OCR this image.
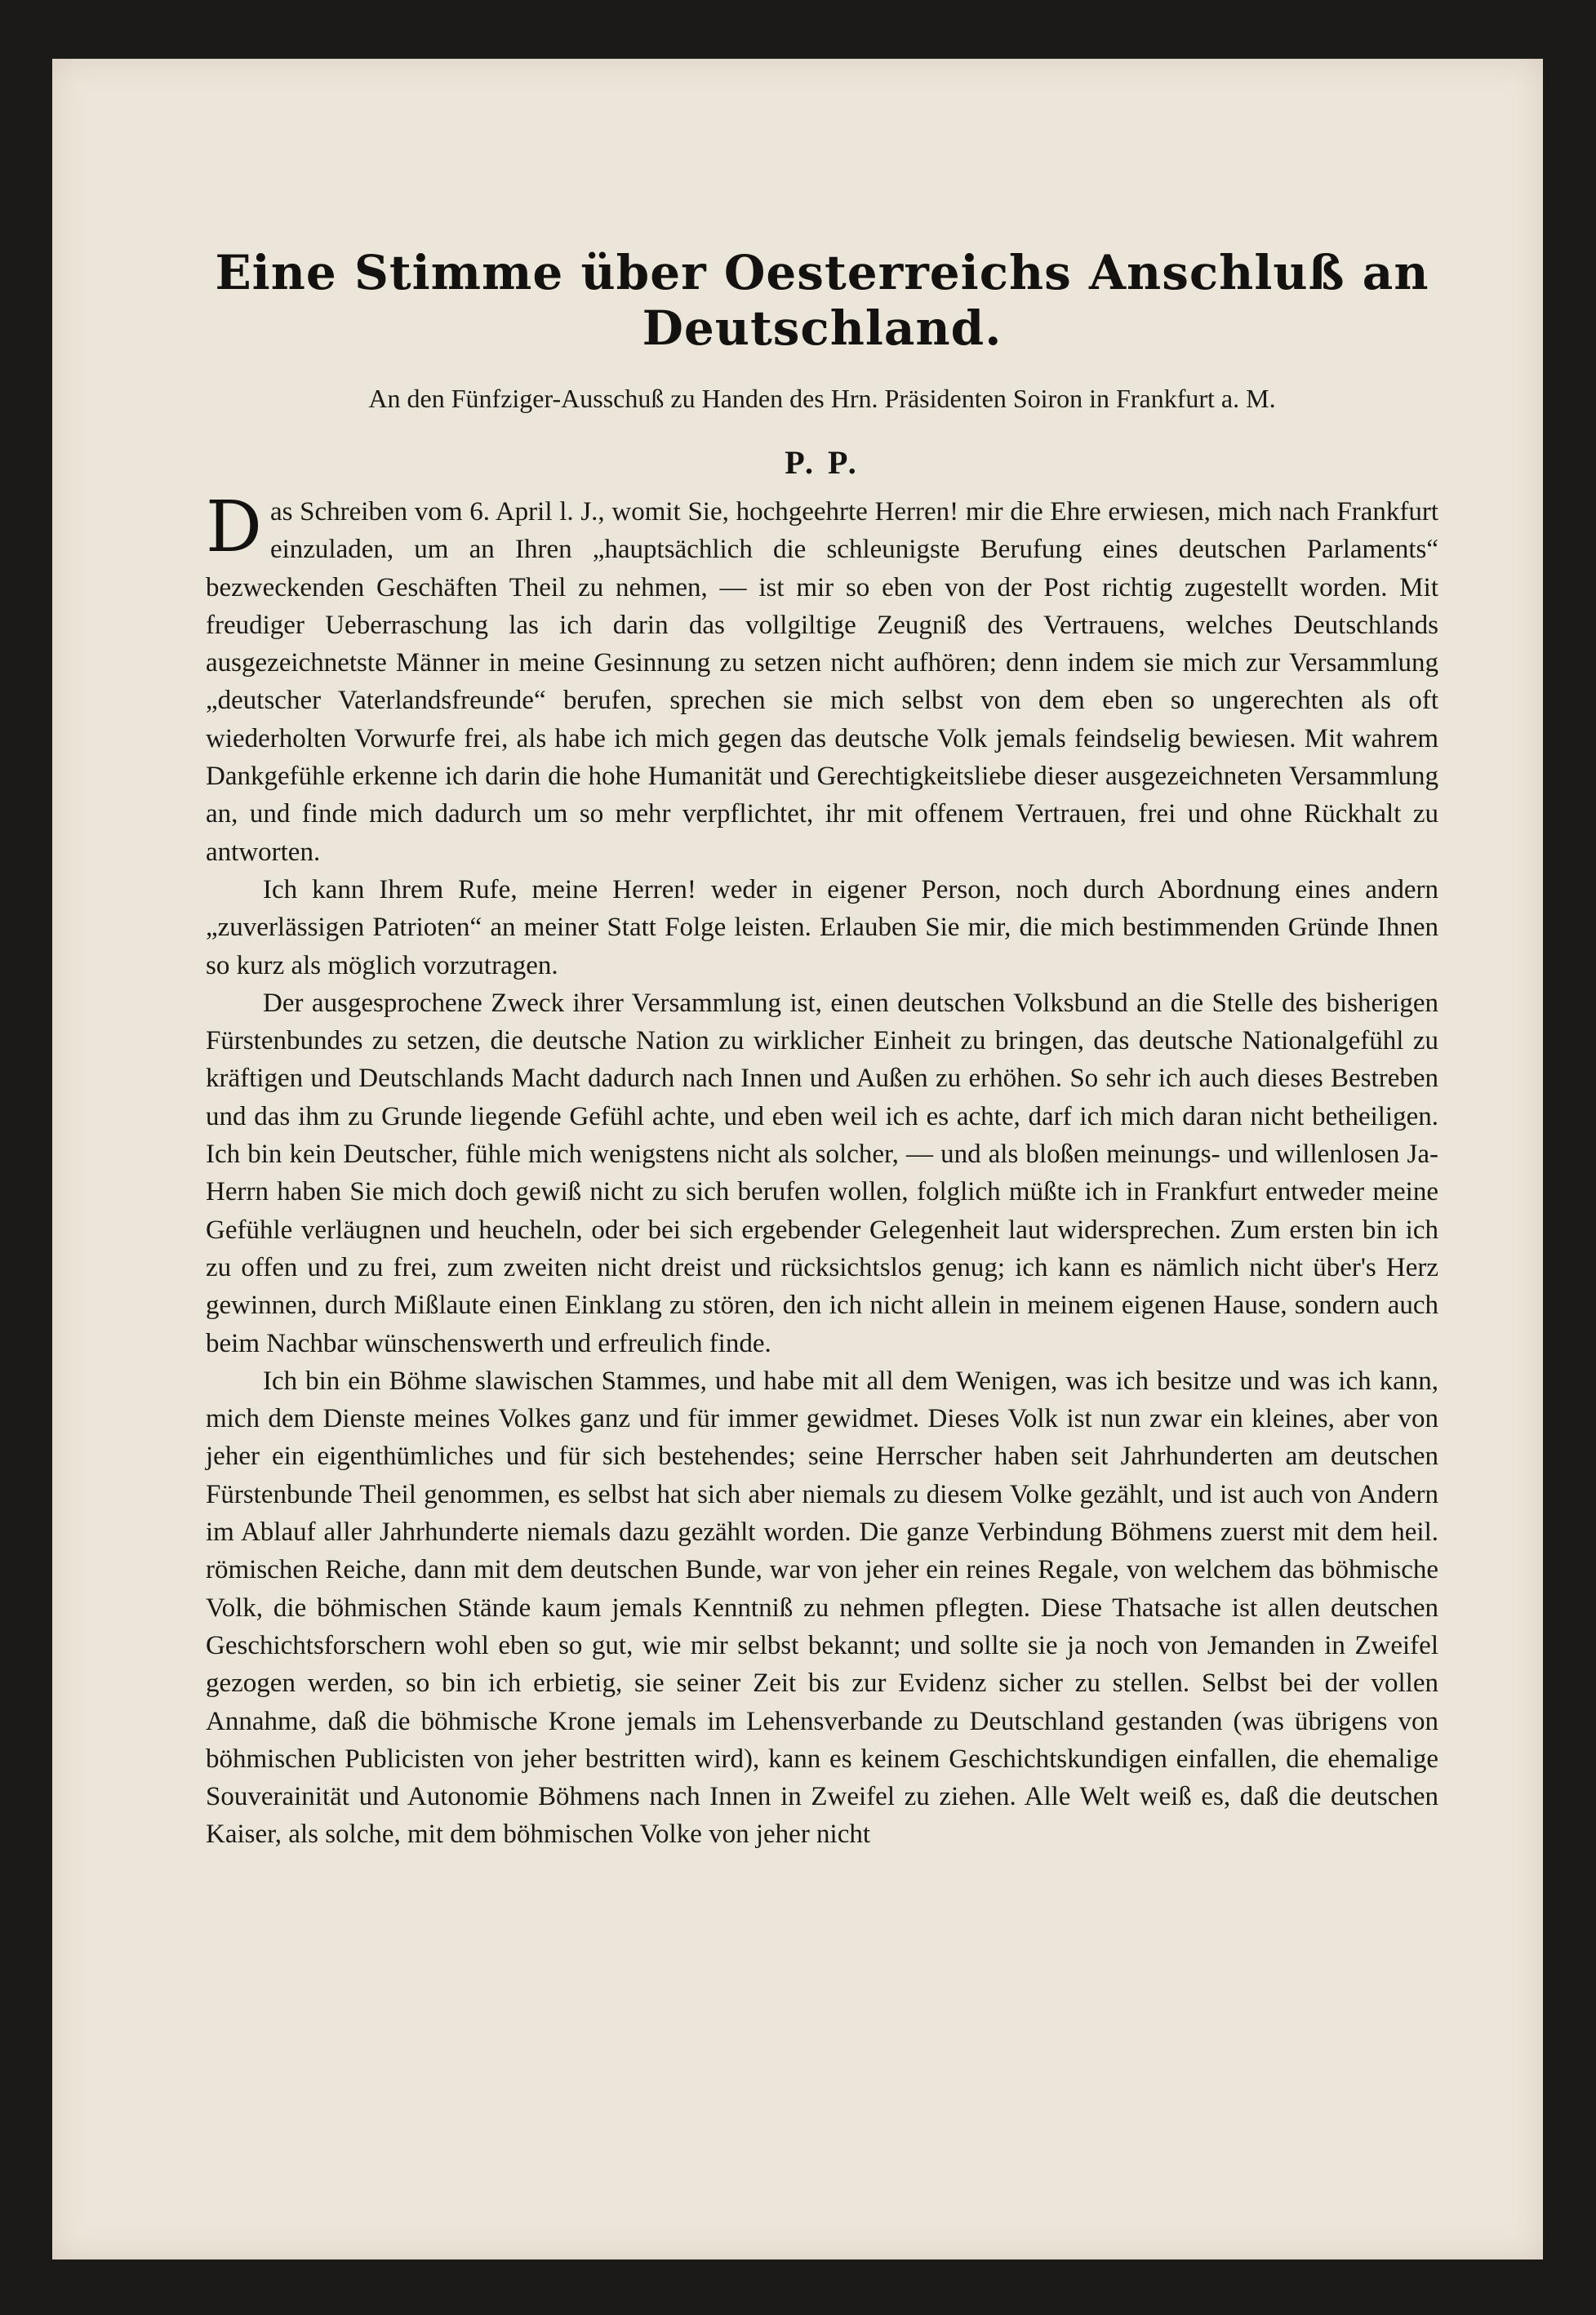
Eine Stimme über Oesterreichs Anschluß an Deutschland.
An den Fünfziger-Ausschuß zu Handen des Hrn. Präsidenten Soiron in Frankfurt a. M.
P. P.

Das Schreiben vom 6. April l. J., womit Sie, hochgeehrte Herren! mir die Ehre erwiesen, mich nach Frankfurt einzuladen, um an Ihren „hauptsächlich die schleunigste Berufung eines deutschen Parlaments“ bezweckenden Geschäften Theil zu nehmen, — ist mir so eben von der Post richtig zugestellt worden. Mit freudiger Ueberraschung las ich darin das vollgiltige Zeugniß des Vertrauens, welches Deutschlands ausgezeichnetste Männer in meine Gesinnung zu setzen nicht aufhören; denn indem sie mich zur Versammlung „deutscher Vaterlandsfreunde“ berufen, sprechen sie mich selbst von dem eben so ungerechten als oft wiederholten Vorwurfe frei, als habe ich mich gegen das deutsche Volk jemals feindselig bewiesen. Mit wahrem Dankgefühle erkenne ich darin die hohe Humanität und Gerechtigkeitsliebe dieser ausgezeichneten Versammlung an, und finde mich dadurch um so mehr verpflichtet, ihr mit offenem Vertrauen, frei und ohne Rückhalt zu antworten.

Ich kann Ihrem Rufe, meine Herren! weder in eigener Person, noch durch Abordnung eines andern „zuverlässigen Patrioten“ an meiner Statt Folge leisten. Erlauben Sie mir, die mich bestimmenden Gründe Ihnen so kurz als möglich vorzutragen.

Der ausgesprochene Zweck ihrer Versammlung ist, einen deutschen Volksbund an die Stelle des bisherigen Fürstenbundes zu setzen, die deutsche Nation zu wirklicher Einheit zu bringen, das deutsche Nationalgefühl zu kräftigen und Deutschlands Macht dadurch nach Innen und Außen zu erhöhen. So sehr ich auch dieses Bestreben und das ihm zu Grunde liegende Gefühl achte, und eben weil ich es achte, darf ich mich daran nicht betheiligen. Ich bin kein Deutscher, fühle mich wenigstens nicht als solcher, — und als bloßen meinungs- und willenlosen Ja-Herrn haben Sie mich doch gewiß nicht zu sich berufen wollen, folglich müßte ich in Frankfurt entweder meine Gefühle verläugnen und heucheln, oder bei sich ergebender Gelegenheit laut widersprechen. Zum ersten bin ich zu offen und zu frei, zum zweiten nicht dreist und rücksichtslos genug; ich kann es nämlich nicht über's Herz gewinnen, durch Mißlaute einen Einklang zu stören, den ich nicht allein in meinem eigenen Hause, sondern auch beim Nachbar wünschenswerth und erfreulich finde.

Ich bin ein Böhme slawischen Stammes, und habe mit all dem Wenigen, was ich besitze und was ich kann, mich dem Dienste meines Volkes ganz und für immer gewidmet. Dieses Volk ist nun zwar ein kleines, aber von jeher ein eigenthümliches und für sich bestehendes; seine Herrscher haben seit Jahrhunderten am deutschen Fürstenbunde Theil genommen, es selbst hat sich aber niemals zu diesem Volke gezählt, und ist auch von Andern im Ablauf aller Jahrhunderte niemals dazu gezählt worden. Die ganze Verbindung Böhmens zuerst mit dem heil. römischen Reiche, dann mit dem deutschen Bunde, war von jeher ein reines Regale, von welchem das böhmische Volk, die böhmischen Stände kaum jemals Kenntniß zu nehmen pflegten. Diese Thatsache ist allen deutschen Geschichtsforschern wohl eben so gut, wie mir selbst bekannt; und sollte sie ja noch von Jemanden in Zweifel gezogen werden, so bin ich erbietig, sie seiner Zeit bis zur Evidenz sicher zu stellen. Selbst bei der vollen Annahme, daß die böhmische Krone jemals im Lehensverbande zu Deutschland gestanden (was übrigens von böhmischen Publicisten von jeher bestritten wird), kann es keinem Geschichtskundigen einfallen, die ehemalige Souverainität und Autonomie Böhmens nach Innen in Zweifel zu ziehen. Alle Welt weiß es, daß die deutschen Kaiser, als solche, mit dem böhmischen Volke von jeher nicht
